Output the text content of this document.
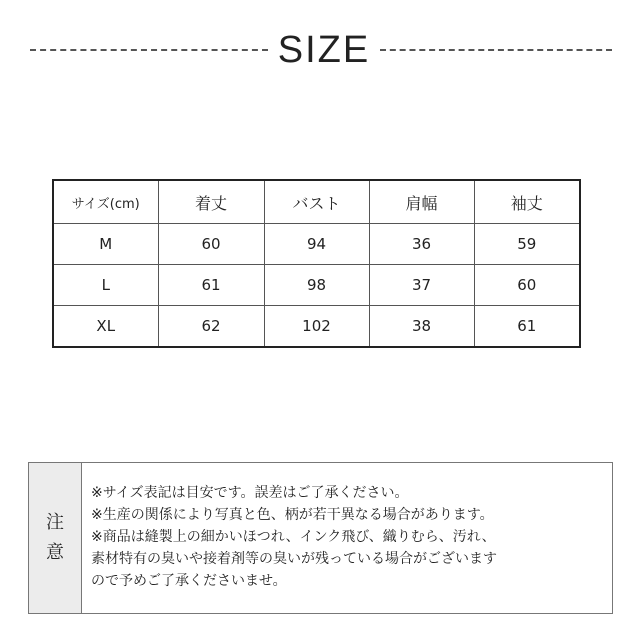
SIZE
サイズ(cm)	着丈	バスト	肩幅	袖丈
M	60	94	36	59
L	61	98	37	60
XL	62	102	38	61
注
意
※サイズ表記は目安です。誤差はご了承ください。
※生産の関係により写真と色、柄が若干異なる場合があります。
※商品は縫製上の細かいほつれ、インク飛び、織りむら、汚れ、
素材特有の臭いや接着剤等の臭いが残っている場合がございます
ので予めご了承くださいませ。
